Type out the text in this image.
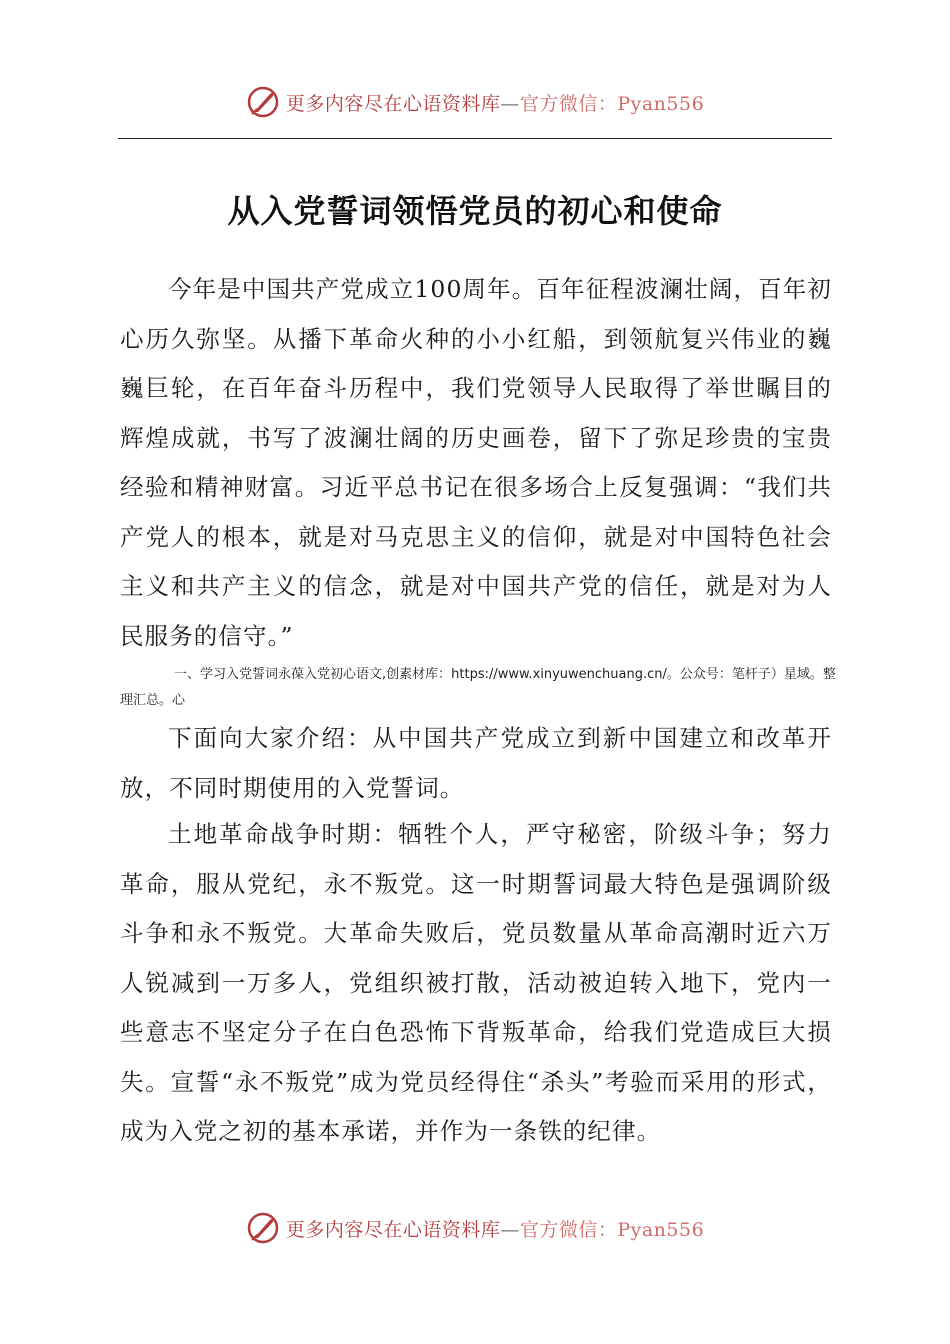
更多内容尽在心语资料库—官方微信：Pyan556
从入党誓词领悟党员的初心和使命

今年是中国共产党成立100周年。百年征程波澜壮阔，百年初心历久弥坚。从播下革命火种的小小红船，到领航复兴伟业的巍巍巨轮，在百年奋斗历程中，我们党领导人民取得了举世瞩目的辉煌成就，书写了波澜壮阔的历史画卷，留下了弥足珍贵的宝贵经验和精神财富。习近平总书记在很多场合上反复强调：“我们共产党人的根本，就是对马克思主义的信仰，就是对中国特色社会主义和共产主义的信念，就是对中国共产党的信任，就是对为人民服务的信守。”

一、学习入党誓词永葆入党初心语文,创素材库：https://www.xinyuwenchuang.cn/。公众号：笔杆子）星域。整理汇总。心

下面向大家介绍：从中国共产党成立到新中国建立和改革开放，不同时期使用的入党誓词。

土地革命战争时期：牺牲个人，严守秘密，阶级斗争；努力革命，服从党纪，永不叛党。这一时期誓词最大特色是强调阶级斗争和永不叛党。大革命失败后，党员数量从革命高潮时近六万人锐减到一万多人，党组织被打散，活动被迫转入地下，党内一些意志不坚定分子在白色恐怖下背叛革命，给我们党造成巨大损失。宣誓“永不叛党”成为党员经得住“杀头”考验而采用的形式，成为入党之初的基本承诺，并作为一条铁的纪律。

更多内容尽在心语资料库—官方微信：Pyan556
